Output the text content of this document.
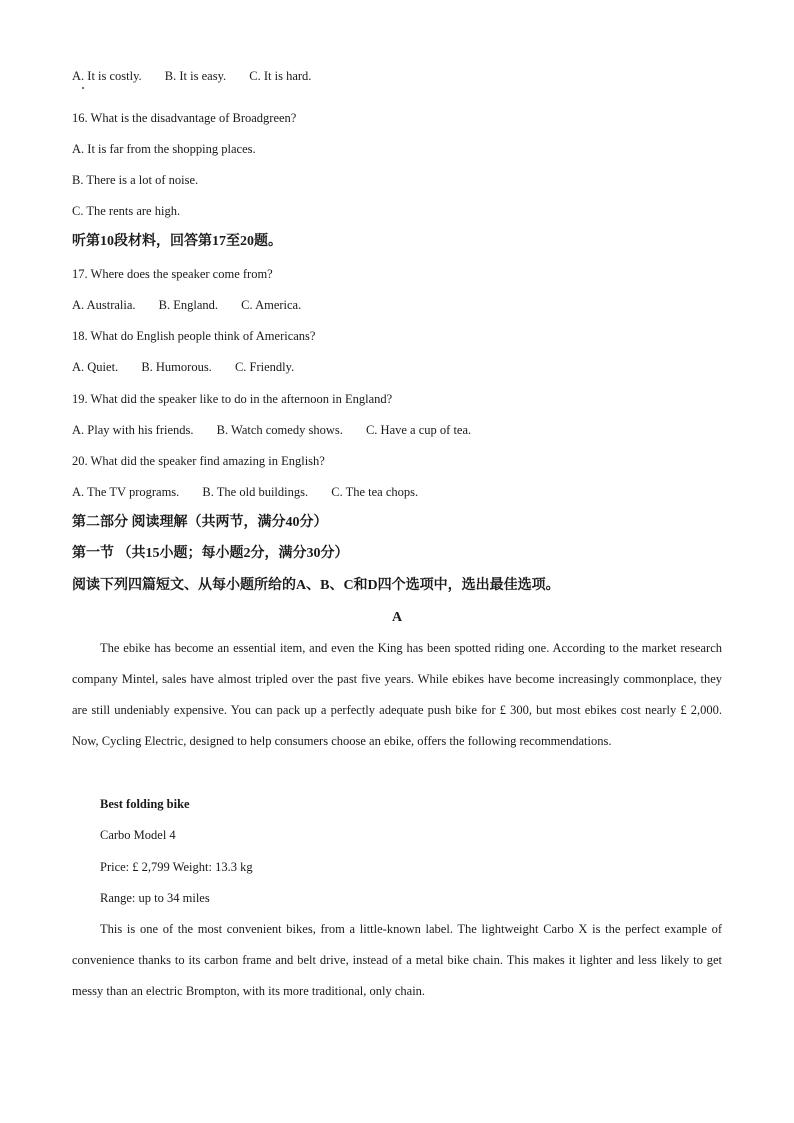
A. It is costly. B. It is easy. C. It is hard.
16. What is the disadvantage of Broadgreen?
A. It is far from the shopping places.
B. There is a lot of noise.
C. The rents are high.
听第10段材料，回答第17至20题。
17. Where does the speaker come from?
A. Australia. B. England. C. America.
18. What do English people think of Americans?
A. Quiet. B. Humorous. C. Friendly.
19. What did the speaker like to do in the afternoon in England?
A. Play with his friends. B. Watch comedy shows. C. Have a cup of tea.
20. What did the speaker find amazing in English?
A. The TV programs. B. The old buildings. C. The tea chops.
第二部分 阅读理解（共两节，满分40分）
第一节 （共15小题；每小题2分，满分30分）
阅读下列四篇短文、从每小题所给的A、B、C和D四个选项中，选出最佳选项。
A
The ebike has become an essential item, and even the King has been spotted riding one. According to the market research company Mintel, sales have almost tripled over the past five years. While ebikes have become increasingly commonplace, they are still undeniably expensive. You can pack up a perfectly adequate push bike for £ 300, but most ebikes cost nearly £ 2,000. Now, Cycling Electric, designed to help consumers choose an ebike, offers the following recommendations.
Best folding bike
Carbo Model 4
Price: £ 2,799 Weight: 13.3 kg
Range: up to 34 miles
This is one of the most convenient bikes, from a little-known label. The lightweight Carbo X is the perfect example of convenience thanks to its carbon frame and belt drive, instead of a metal bike chain. This makes it lighter and less likely to get messy than an electric Brompton, with its more traditional, only chain.
